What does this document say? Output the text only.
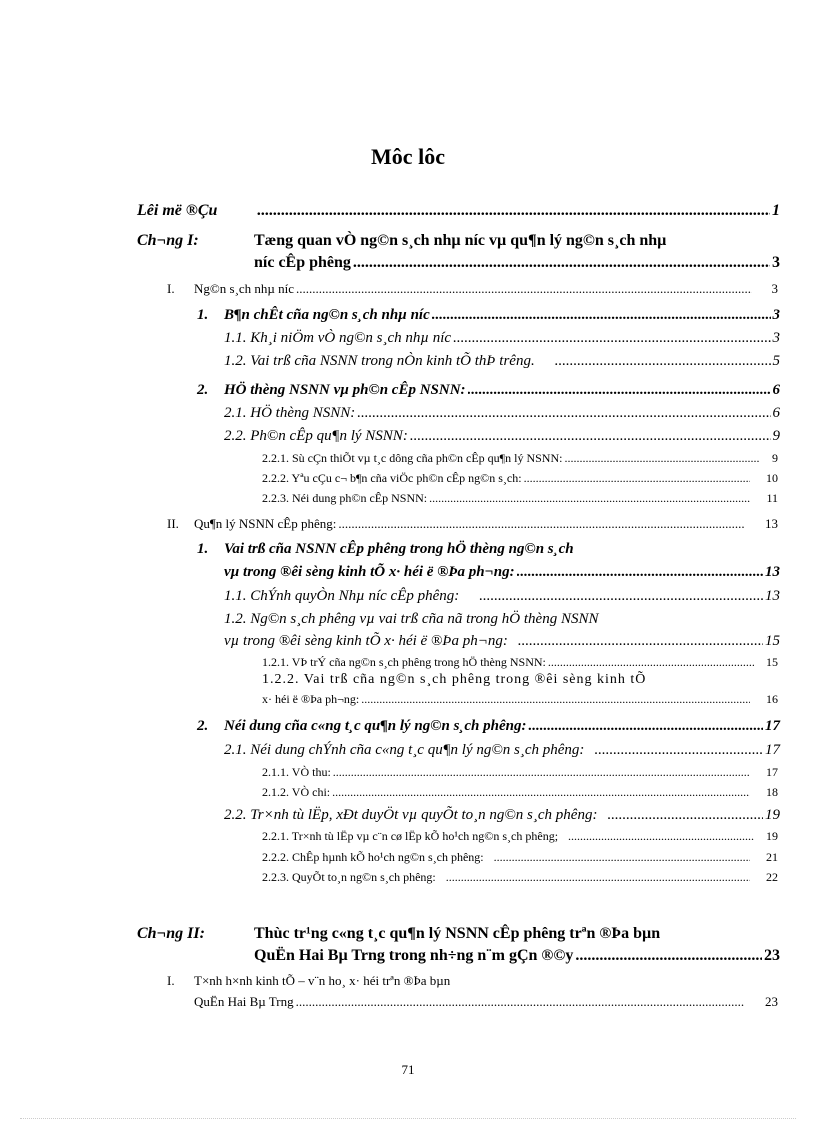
Môc lôc
Lêi më ®Çu .....	1
Ch¬ng I:	Tæng quan vÒ ng©n s¸ch nhµ níc vµ qu¶n lý ng©n s¸ch nhµ
níc cÊp phêng .....	3
I. Ng©n s¸ch nhµ níc .....	3
1. B¶n chÊt cña ng©n s¸ch nhµ níc .....	3
1.1. Kh¸i niÖm vÒ ng©n s¸ch nhµ níc .....	3
1.2. Vai trß cña NSNN trong nÒn kinh tÕ thÞ trêng. .....	5
2. HÖ thèng NSNN vµ ph©n cÊp NSNN: .....	6
2.1. HÖ thèng NSNN: .....	6
2.2. Ph©n cÊp qu¶n lý NSNN: .....	9
2.2.1. Sù cÇn thiÕt vµ t¸c dông cña ph©n cÊp qu¶n lý NSNN: .....	9
2.2.2. Yªu cÇu c¬ b¶n cña viÖc ph©n cÊp ng©n s¸ch: .....	10
2.2.3. Néi dung ph©n cÊp NSNN: .....	11
II. Qu¶n lý NSNN cÊp phêng: .....	13
1. Vai trß cña NSNN cÊp phêng trong hÖ thèng ng©n s¸ch
vµ trong ®êi sèng kinh tÕ x· héi ë ®Þa ph¬ng: .....	13
1.1. ChÝnh quyÒn Nhµ níc cÊp phêng: .....	13
1.2. Ng©n s¸ch phêng vµ vai trß cña nã trong hÖ thèng NSNN
vµ trong ®êi sèng kinh tÕ x· héi ë ®Þa ph¬ng: .....	15
1.2.1. VÞ trÝ cña ng©n s¸ch phêng trong hÖ thèng NSNN: .....	15
1.2.2. Vai trß cña ng©n s¸ch phêng trong ®êi sèng kinh tÕ
x· héi ë ®Þa ph¬ng: .....	16
2. Néi dung cña c«ng t¸c qu¶n lý ng©n s¸ch phêng: .....	17
2.1. Néi dung chÝnh cña c«ng t¸c qu¶n lý ng©n s¸ch phêng: .....	17
2.1.1. VÒ thu: .....	17
2.1.2. VÒ chi: .....	18
2.2. Tr×nh tù lËp, xÐt duyÖt vµ quyÕt to¸n ng©n s¸ch phêng: .....	19
2.2.1. Tr×nh tù lËp vµ c¨n cø lËp kÕ ho¹ch ng©n s¸ch phêng; .....	19
2.2.2. ChÊp hµnh kÕ ho¹ch ng©n s¸ch phêng: .....	21
2.2.3. QuyÕt to¸n ng©n s¸ch phêng: .....	22
Ch¬ng II:	Thùc tr¹ng c«ng t¸c qu¶n lý NSNN cÊp phêng trªn ®Þa bµn
QuËn Hai Bµ Trng trong nh÷ng n¨m gÇn ®©y .....	23
I. T×nh h×nh kinh tÕ – v¨n ho¸ x· héi trªn ®Þa bµn
QuËn Hai Bµ Trng .....	23
71
